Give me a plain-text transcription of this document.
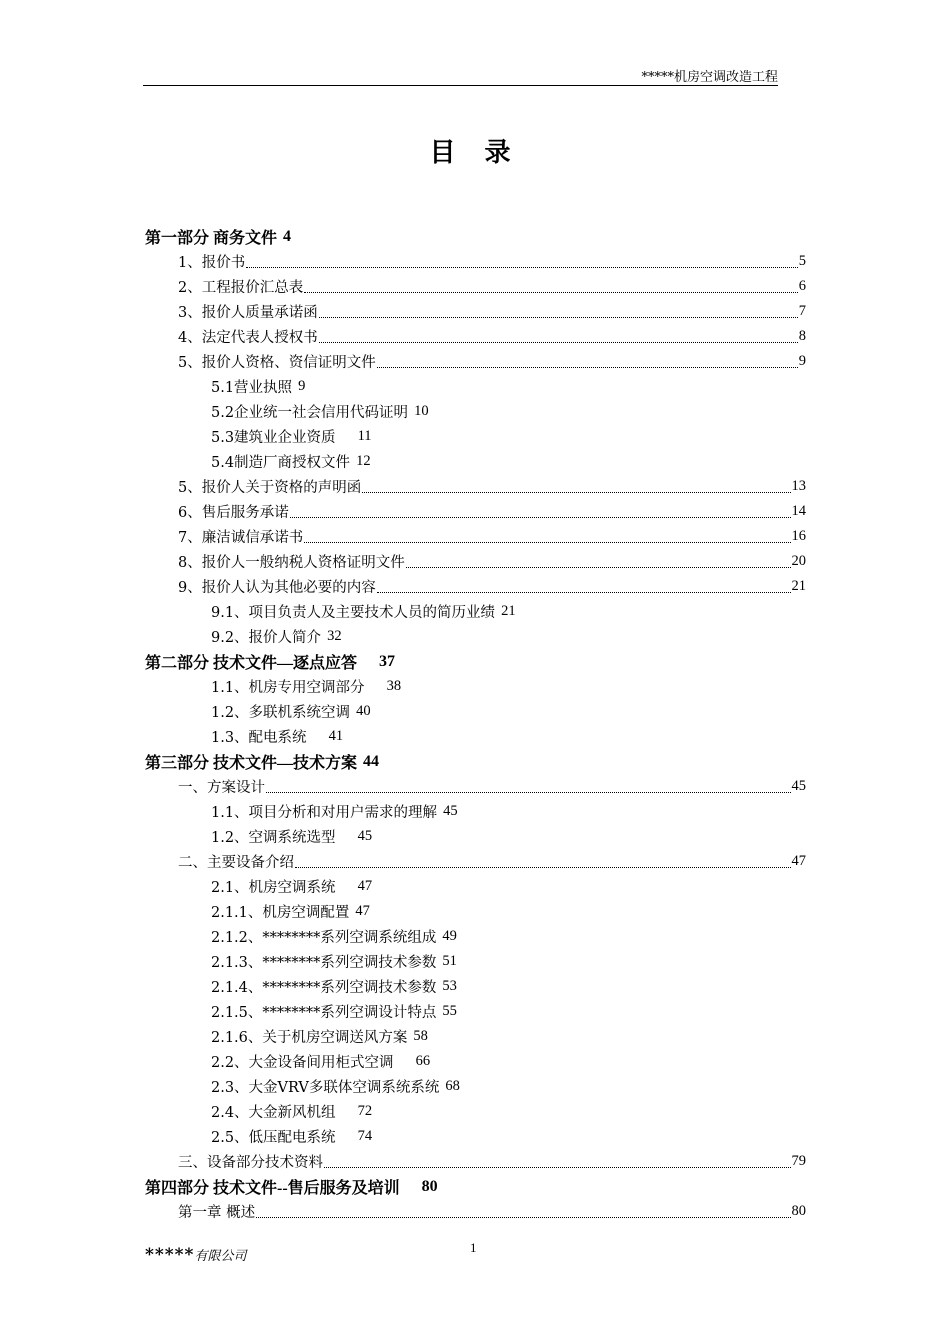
*****机房空调改造工程
目 录
第一部分 商务文件 4
1、报价书	5
2、工程报价汇总表	6
3、报价人质量承诺函	7
4、法定代表人授权书	8
5、报价人资格、资信证明文件	9
5.1营业执照 9
5.2企业统一社会信用代码证明 10
5.3建筑业企业资质 11
5.4制造厂商授权文件 12
5、报价人关于资格的声明函	13
6、售后服务承诺	14
7、廉洁诚信承诺书	16
8、报价人一般纳税人资格证明文件	20
9、报价人认为其他必要的内容	21
9.1、项目负责人及主要技术人员的简历业绩 21
9.2、报价人简介 32
第二部分 技术文件—逐点应答 37
1.1、机房专用空调部分 38
1.2、多联机系统空调 40
1.3、配电系统 41
第三部分 技术文件—技术方案 44
一、方案设计	45
1.1、项目分析和对用户需求的理解 45
1.2、空调系统选型 45
二、主要设备介绍	47
2.1、机房空调系统 47
2.1.1、机房空调配置 47
2.1.2、********系列空调系统组成 49
2.1.3、********系列空调技术参数 51
2.1.4、********系列空调技术参数 53
2.1.5、********系列空调设计特点 55
2.1.6、关于机房空调送风方案 58
2.2、大金设备间用柜式空调 66
2.3、大金VRV多联体空调系统系统 68
2.4、大金新风机组 72
2.5、低压配电系统 74
三、设备部分技术资料	79
第四部分 技术文件--售后服务及培训 80
第一章 概述	80
*****有限公司
1
